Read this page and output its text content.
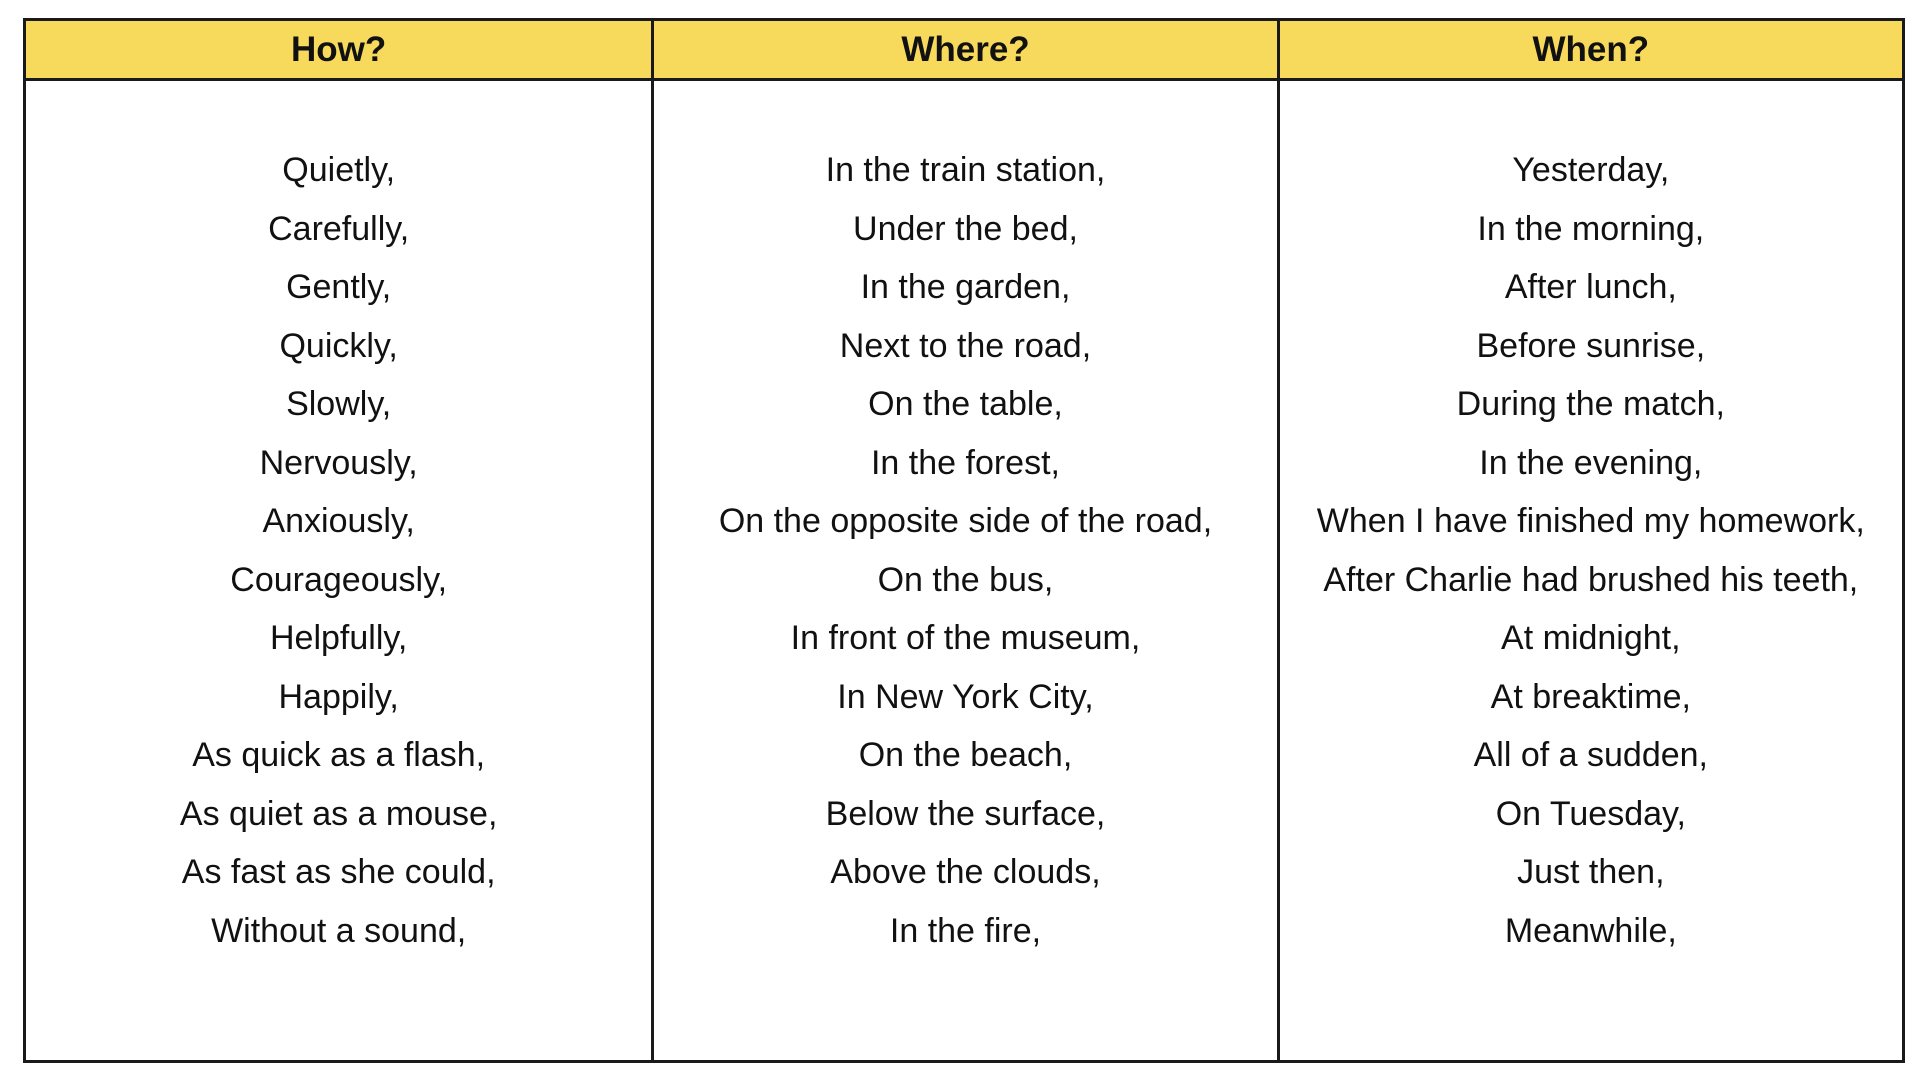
How?	Where?	When?
Quietly,
Carefully,
Gently,
Quickly,
Slowly,
Nervously,
Anxiously,
Courageously,
Helpfully,
Happily,
As quick as a flash,
As quiet as a mouse,
As fast as she could,
Without a sound,
In the train station,
Under the bed,
In the garden,
Next to the road,
On the table,
In the forest,
On the opposite side of the road,
On the bus,
In front of the museum,
In New York City,
On the beach,
Below the surface,
Above the clouds,
In the fire,
Yesterday,
In the morning,
After lunch,
Before sunrise,
During the match,
In the evening,
When I have finished my homework,
After Charlie had brushed his teeth,
At midnight,
At breaktime,
All of a sudden,
On Tuesday,
Just then,
Meanwhile,
